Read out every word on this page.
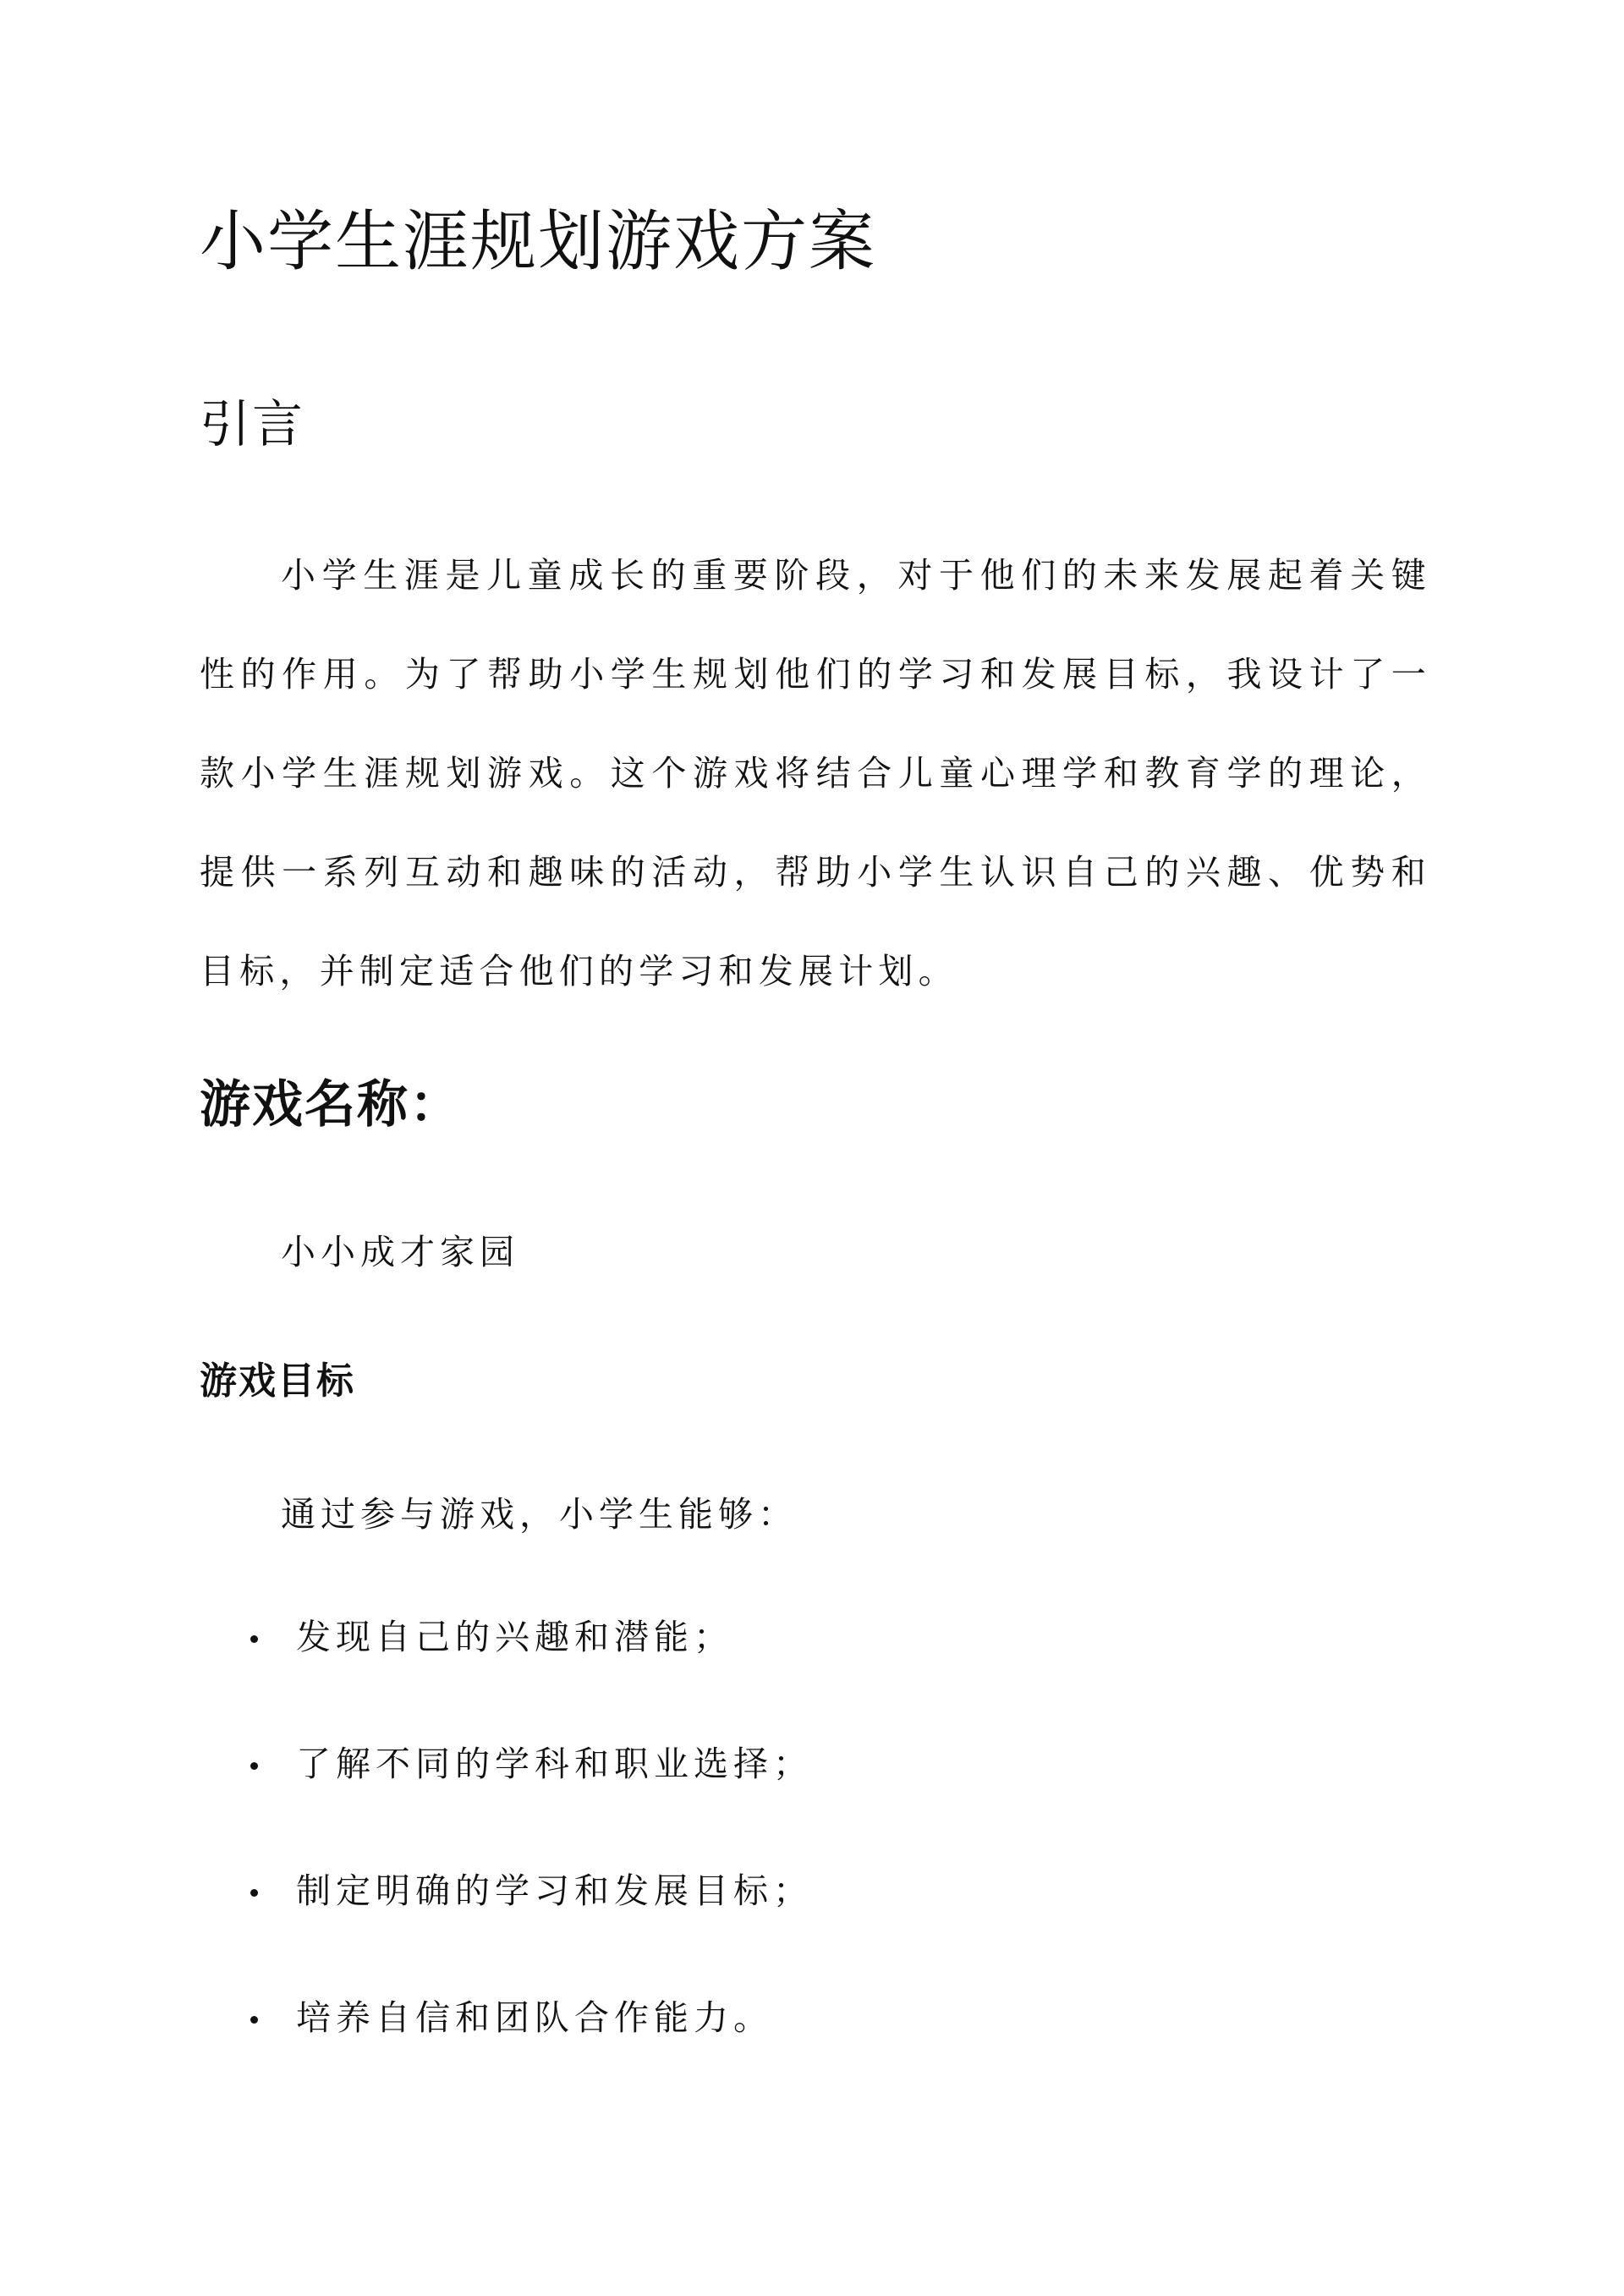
小学生涯规划游戏方案
引言

小学生涯是儿童成长的重要阶段，对于他们的未来发展起着关键性的作用。为了帮助小学生规划他们的学习和发展目标，我设计了一款小学生涯规划游戏。这个游戏将结合儿童心理学和教育学的理论，提供一系列互动和趣味的活动，帮助小学生认识自己的兴趣、优势和目标，并制定适合他们的学习和发展计划。

游戏名称：

小小成才家园

游戏目标

通过参与游戏，小学生能够：

发现自己的兴趣和潜能；
了解不同的学科和职业选择；
制定明确的学习和发展目标；
培养自信和团队合作能力。
